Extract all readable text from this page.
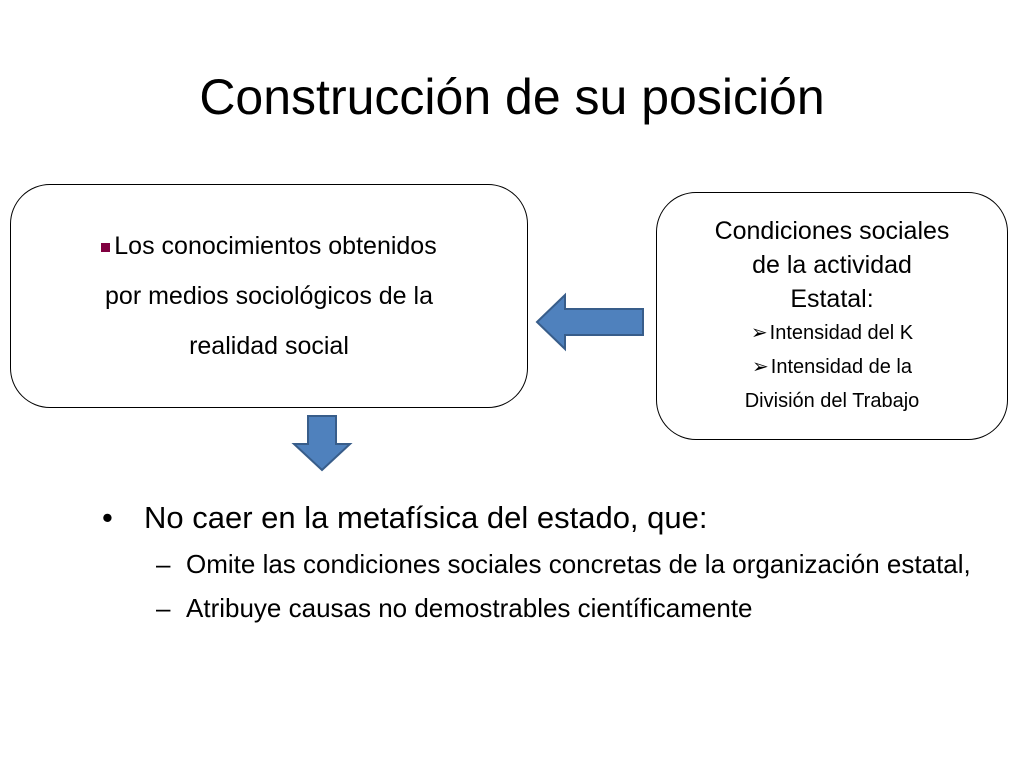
Construcción de su posición
Los conocimientos obtenidos
por medios sociológicos de la
realidad social
Condiciones sociales
de la actividad
Estatal:
➢ Intensidad del K
➢ Intensidad de la
División del Trabajo
• No caer en la metafísica del estado, que:
– Omite las condiciones sociales concretas de la organización estatal,
– Atribuye causas no demostrables científicamente
